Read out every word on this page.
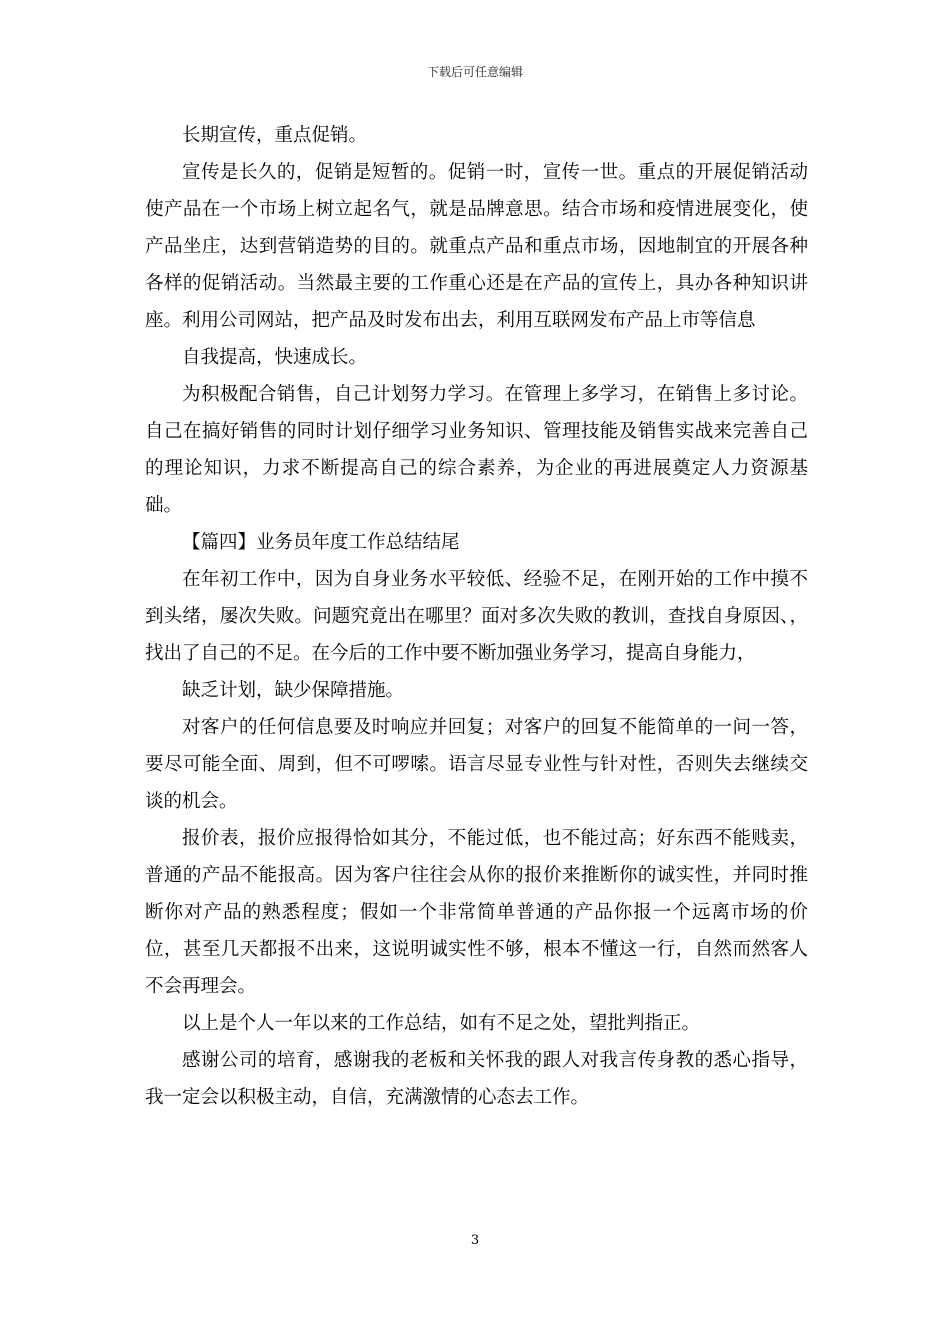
下载后可任意编辑

长期宣传，重点促销。

宣传是长久的，促销是短暂的。促销一时，宣传一世。重点的开展促销活动使产品在一个市场上树立起名气，就是品牌意思。结合市场和疫情进展变化，使产品坐庄，达到营销造势的目的。就重点产品和重点市场，因地制宜的开展各种各样的促销活动。当然最主要的工作重心还是在产品的宣传上，具办各种知识讲座。利用公司网站，把产品及时发布出去，利用互联网发布产品上市等信息

自我提高，快速成长。

为积极配合销售，自己计划努力学习。在管理上多学习，在销售上多讨论。自己在搞好销售的同时计划仔细学习业务知识、管理技能及销售实战来完善自己的理论知识，力求不断提高自己的综合素养，为企业的再进展奠定人力资源基础。

【篇四】业务员年度工作总结结尾

在年初工作中，因为自身业务水平较低、经验不足，在刚开始的工作中摸不到头绪，屡次失败。问题究竟出在哪里？面对多次失败的教训，查找自身原因、，找出了自己的不足。在今后的工作中要不断加强业务学习，提高自身能力，

缺乏计划，缺少保障措施。

对客户的任何信息要及时响应并回复；对客户的回复不能简单的一问一答，要尽可能全面、周到，但不可啰嗦。语言尽显专业性与针对性，否则失去继续交谈的机会。

报价表，报价应报得恰如其分，不能过低，也不能过高；好东西不能贱卖，普通的产品不能报高。因为客户往往会从你的报价来推断你的诚实性，并同时推断你对产品的熟悉程度；假如一个非常简单普通的产品你报一个远离市场的价位，甚至几天都报不出来，这说明诚实性不够，根本不懂这一行，自然而然客人不会再理会。

以上是个人一年以来的工作总结，如有不足之处，望批判指正。

感谢公司的培育，感谢我的老板和关怀我的跟人对我言传身教的悉心指导，我一定会以积极主动，自信，充满激情的心态去工作。

3
